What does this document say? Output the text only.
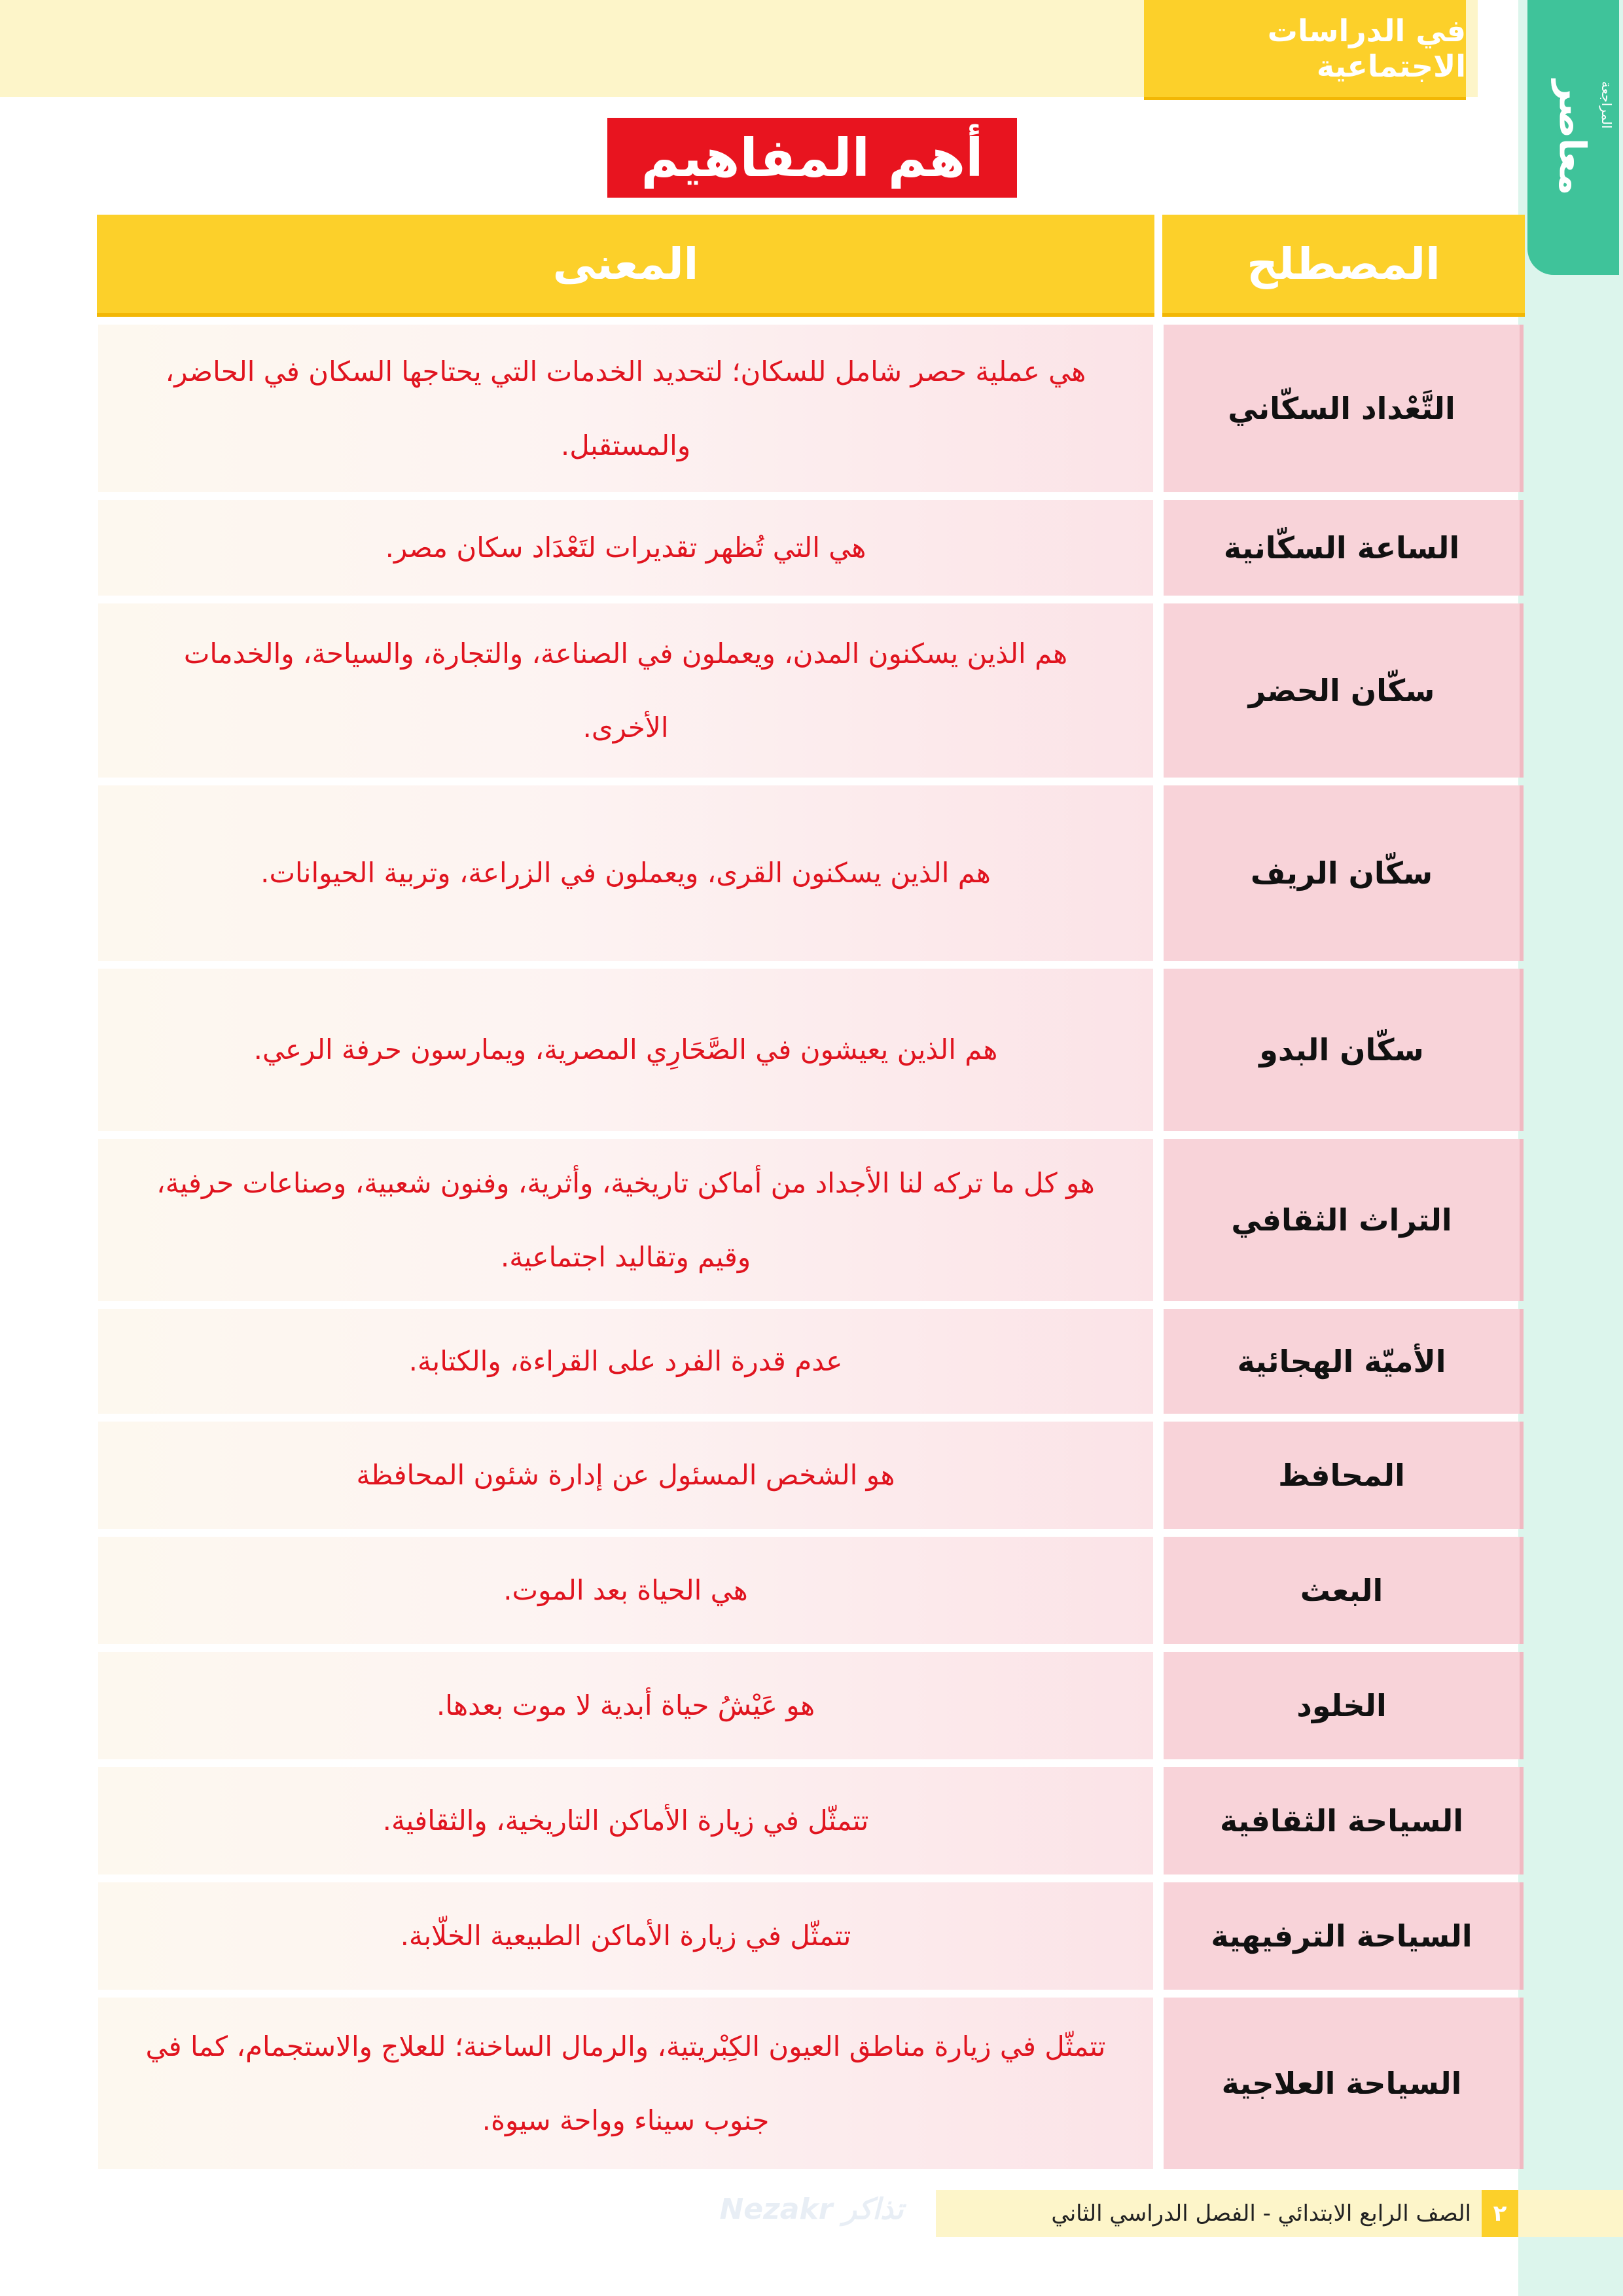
في الدراسات الاجتماعية
معاصر المراجعة
أهم المفاهيم
المصطلح
المعنى
التَّعْداد السكّاني
هي عملية حصر شامل للسكان؛ لتحديد الخدمات التي يحتاجها السكان في الحاضر، والمستقبل.
الساعة السكّانية
هي التي تُظهر تقديرات لتَعْدَاد سكان مصر.
سكّان الحضر
هم الذين يسكنون المدن، ويعملون في الصناعة، والتجارة، والسياحة، والخدمات الأخرى.
سكّان الريف
هم الذين يسكنون القرى، ويعملون في الزراعة، وتربية الحيوانات.
سكّان البدو
هم الذين يعيشون في الصَّحَارِي المصرية، ويمارسون حرفة الرعي.
التراث الثقافي
هو كل ما تركه لنا الأجداد من أماكن تاريخية، وأثرية، وفنون شعبية، وصناعات حرفية، وقيم وتقاليد اجتماعية.
الأميّة الهجائية
عدم قدرة الفرد على القراءة، والكتابة.
المحافظ
هو الشخص المسئول عن إدارة شئون المحافظة
البعث
هي الحياة بعد الموت.
الخلود
هو عَيْشُ حياة أبدية لا موت بعدها.
السياحة الثقافية
تتمثّل في زيارة الأماكن التاريخية، والثقافية.
السياحة الترفيهية
تتمثّل في زيارة الأماكن الطبيعية الخلّابة.
السياحة العلاجية
تتمثّل في زيارة مناطق العيون الكِبْريتية، والرمال الساخنة؛ للعلاج والاستجمام، كما في جنوب سيناء وواحة سيوة.
Nezakr تذاكر	٢
الصف الرابع الابتدائي - الفصل الدراسي الثاني
